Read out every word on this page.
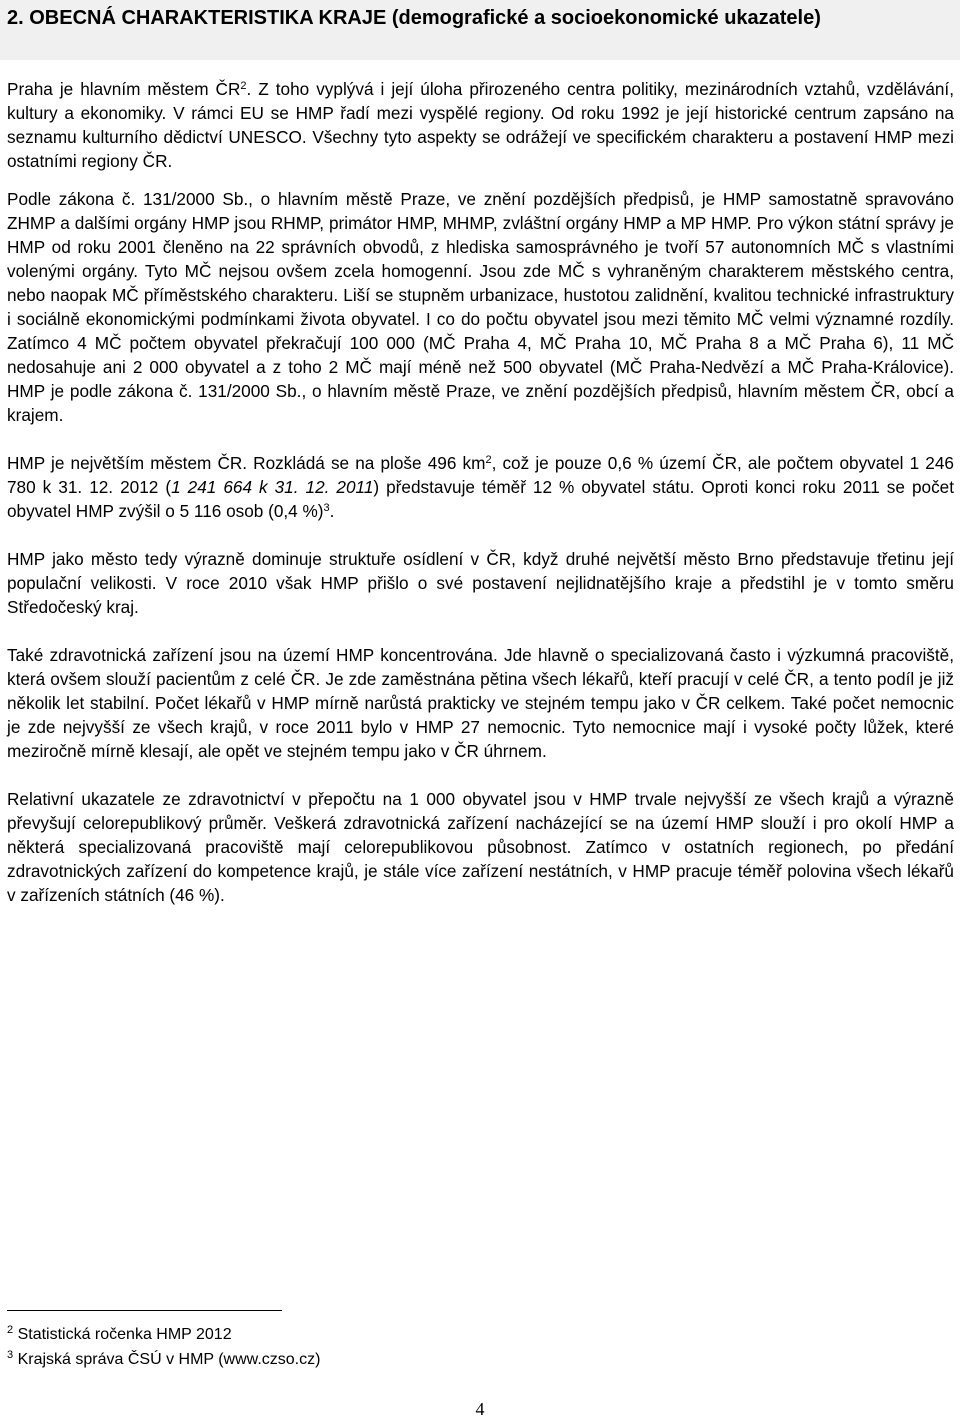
2. OBECNÁ CHARAKTERISTIKA KRAJE (demografické a socioekonomické ukazatele)

Praha je hlavním městem $ČR^2$. Z toho vyplývá i její úloha přirozeného centra politiky, mezinárodních vztahů, vzdělávání, kultury a ekonomiky. V rámci EU se HMP řadí mezi vyspělé regiony. Od roku 1992 je její historické centrum zapsáno na seznamu kulturního dědictví UNESCO. Všechny tyto aspekty se odrážejí ve specifickém charakteru a postavení HMP mezi ostatními regiony ČR.

Podle zákona č. 131/2000 Sb., o hlavním městě Praze, ve znění pozdějších předpisů, je HMP samostatně spravováno ZHMP a dalšími orgány HMP jsou RHMP, primátor HMP, MHMP, zvláštní orgány HMP a MP HMP. Pro výkon státní správy je HMP od roku 2001 členěno na 22 správních obvodů, z hlediska samosprávného je tvoří 57 autonomních MČ s vlastními volenými orgány. Tyto MČ nejsou ovšem zcela homogenní. Jsou zde MČ s vyhraněným charakterem městského centra, nebo naopak MČ příměstského charakteru. Liší se stupněm urbanizace, hustotou zalidnění, kvalitou technické infrastruktury i sociálně ekonomickými podmínkami života obyvatel. I co do počtu obyvatel jsou mezi těmito MČ velmi významné rozdíly. Zatímco 4 MČ počtem obyvatel překračují 100 000 (MČ Praha 4, MČ Praha 10, MČ Praha 8 a MČ Praha 6), 11 MČ nedosahuje ani 2 000 obyvatel a z toho 2 MČ mají méně než 500 obyvatel (MČ Praha-Nedvězí a MČ Praha-Královice). HMP je podle zákona č. 131/2000 Sb., o hlavním městě Praze, ve znění pozdějších předpisů, hlavním městem ČR, obcí a krajem.

HMP je největším městem ČR. Rozkládá se na ploše 496 $km^2$, což je pouze 0,6 % území ČR, ale počtem obyvatel 1 246 780 k 31. 12. 2012 (1 241 664 k 31. 12. 2011) představuje téměř 12 % obyvatel státu. Oproti konci roku 2011 se počet obyvatel HMP zvýšil o 5 116 osob (0,4 %)$^3$.

HMP jako město tedy výrazně dominuje struktuře osídlení v ČR, když druhé největší město Brno představuje třetinu její populační velikosti. V roce 2010 však HMP přišlo o své postavení nejlidnatějšího kraje a předstihl je v tomto směru Středočeský kraj.

Také zdravotnická zařízení jsou na území HMP koncentrována. Jde hlavně o specializovaná často i výzkumná pracoviště, která ovšem slouží pacientům z celé ČR. Je zde zaměstnána pětina všech lékařů, kteří pracují v celé ČR, a tento podíl je již několik let stabilní. Počet lékařů v HMP mírně narůstá prakticky ve stejném tempu jako v ČR celkem. Také počet nemocnic je zde nejvyšší ze všech krajů, v roce 2011 bylo v HMP 27 nemocnic. Tyto nemocnice mají i vysoké počty lůžek, které meziročně mírně klesají, ale opět ve stejném tempu jako v ČR úhrnem.

Relativní ukazatele ze zdravotnictví v přepočtu na 1 000 obyvatel jsou v HMP trvale nejvyšší ze všech krajů a výrazně převyšují celorepublikový průměr. Veškerá zdravotnická zařízení nacházející se na území HMP slouží i pro okolí HMP a některá specializovaná pracoviště mají celorepublikovou působnost. Zatímco v ostatních regionech, po předání zdravotnických zařízení do kompetence krajů, je stále více zařízení nestátních, v HMP pracuje téměř polovina všech lékařů v zařízeních státních (46 %).

$^2$ Statistická ročenka HMP 2012
$^3$ Krajská správa ČSÚ v HMP (www.czso.cz)
4
